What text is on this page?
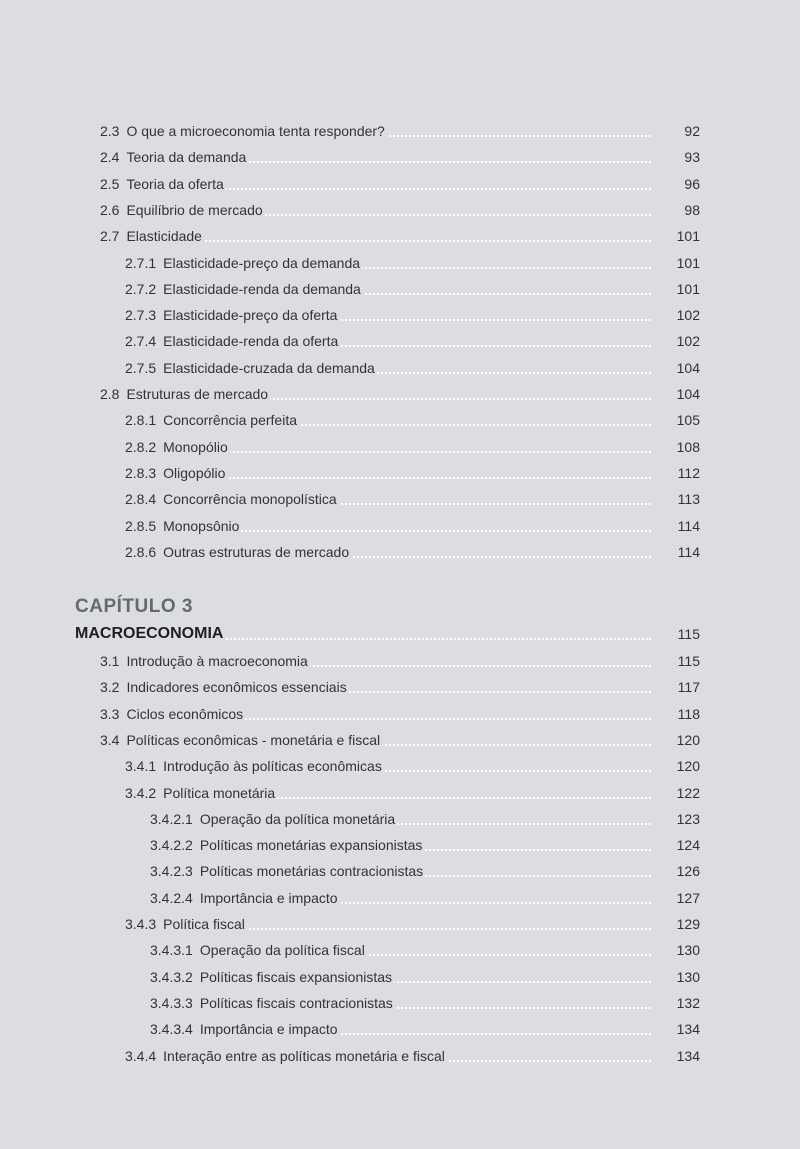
CAPÍTULO 3
MACROECONOMIA	115
2.3  O que a microeconomia tenta responder?	92
2.4  Teoria da demanda	93
2.5  Teoria da oferta	96
2.6  Equilíbrio de mercado	98
2.7  Elasticidade	101
2.7.1  Elasticidade-preço da demanda	101
2.7.2  Elasticidade-renda da demanda	101
2.7.3  Elasticidade-preço da oferta	102
2.7.4  Elasticidade-renda da oferta	102
2.7.5  Elasticidade-cruzada da demanda	104
2.8  Estruturas de mercado	104
2.8.1  Concorrência perfeita	105
2.8.2  Monopólio	108
2.8.3  Oligopólio	112
2.8.4  Concorrência monopolística	113
2.8.5  Monopsônio	114
2.8.6  Outras estruturas de mercado	114
3.1  Introdução à macroeconomia	115
3.2  Indicadores econômicos essenciais	117
3.3  Ciclos econômicos	118
3.4  Políticas econômicas - monetária e fiscal	120
3.4.1  Introdução às políticas econômicas	120
3.4.2  Política monetária	122
3.4.2.1  Operação da política monetária	123
3.4.2.2  Políticas monetárias expansionistas	124
3.4.2.3  Políticas monetárias contracionistas	126
3.4.2.4  Importância e impacto	127
3.4.3  Política fiscal	129
3.4.3.1  Operação da política fiscal	130
3.4.3.2  Políticas fiscais expansionistas	130
3.4.3.3  Políticas fiscais contracionistas	132
3.4.3.4  Importância e impacto	134
3.4.4  Interação entre as políticas monetária e fiscal	134
